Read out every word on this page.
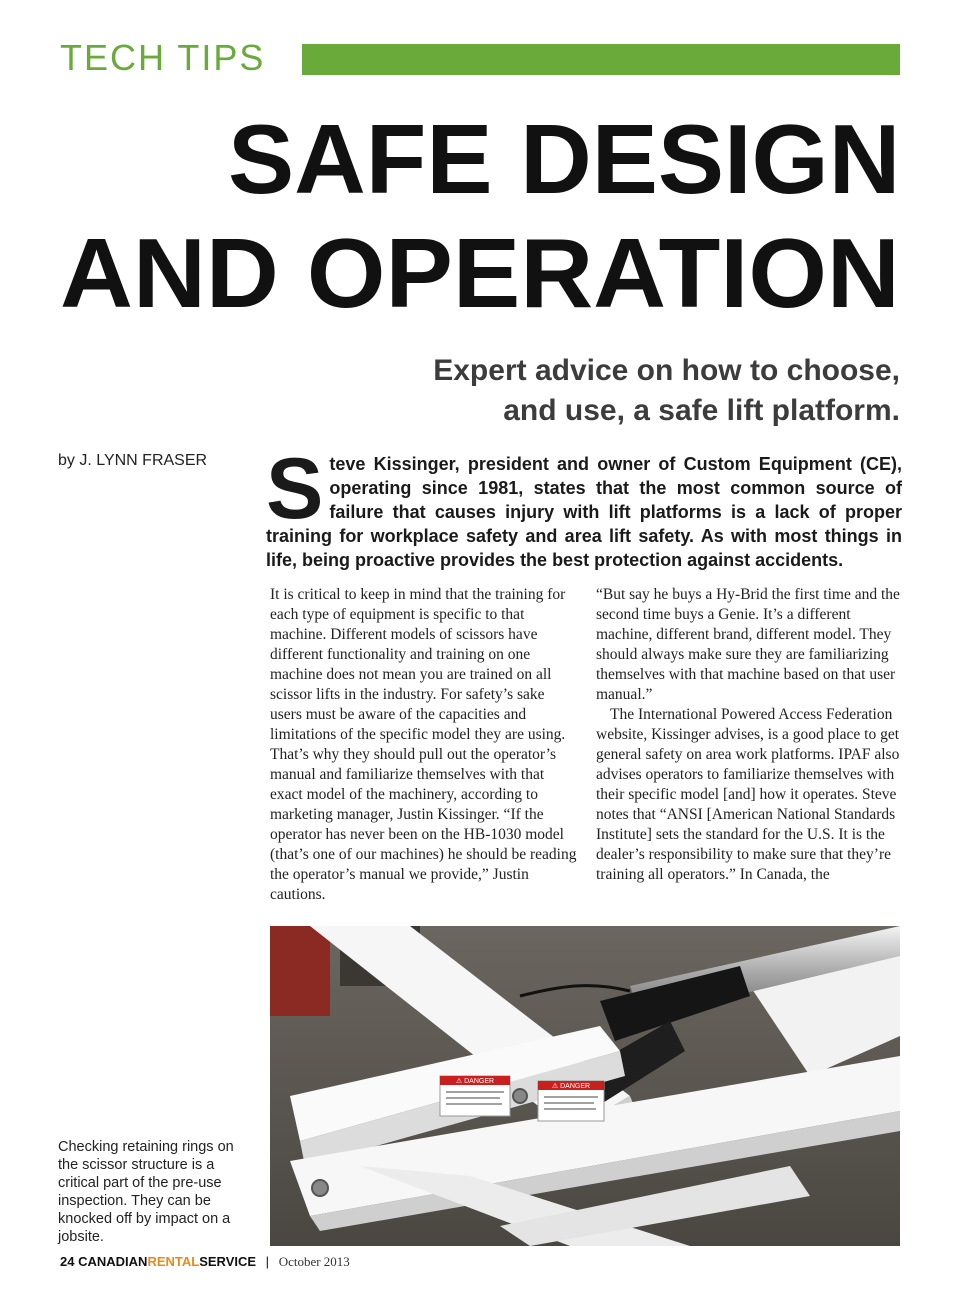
TECH TIPS
SAFE DESIGN
AND OPERATION
Expert advice on how to choose,
and use, a safe lift platform.
by J. LYNN FRASER Steve Kissinger, president and owner of Custom Equipment (CE), operating since 1981, states that the most common source of failure that causes injury with lift platforms is a lack of proper training for workplace safety and area lift safety. As with most things in life, being proactive provides the best protection against accidents.

It is critical to keep in mind that the training for each type of equipment is specific to that machine. Different models of scissors have different functionality and training on one machine does not mean you are trained on all scissor lifts in the industry. For safety’s sake users must be aware of the capacities and limitations of the specific model they are using. That’s why they should pull out the operator’s manual and familiarize themselves with that exact model of the machinery, according to marketing manager, Justin Kissinger. “If the operator has never been on the HB-1030 model (that’s one of our machines) he should be reading the operator’s manual we provide,” Justin cautions.

“But say he buys a Hy-Brid the first time and the second time buys a Genie. It’s a different machine, different brand, different model. They should always make sure they are familiarizing themselves with that machine based on that user manual.”

The International Powered Access Federation website, Kissinger advises, is a good place to get general safety on area work platforms. IPAF also advises operators to familiarize themselves with their specific model [and] how it operates. Steve notes that “ANSI [American National Standards Institute] sets the standard for the U.S. It is the dealer’s responsibility to make sure that they’re training all operators.” In Canada, the

⚠ DANGER
⚠ DANGER
Checking retaining rings on the scissor structure is a critical part of the pre-use inspection. They can be knocked off by impact on a jobsite.
24 CANADIANRENTALSERVICE | October 2013
